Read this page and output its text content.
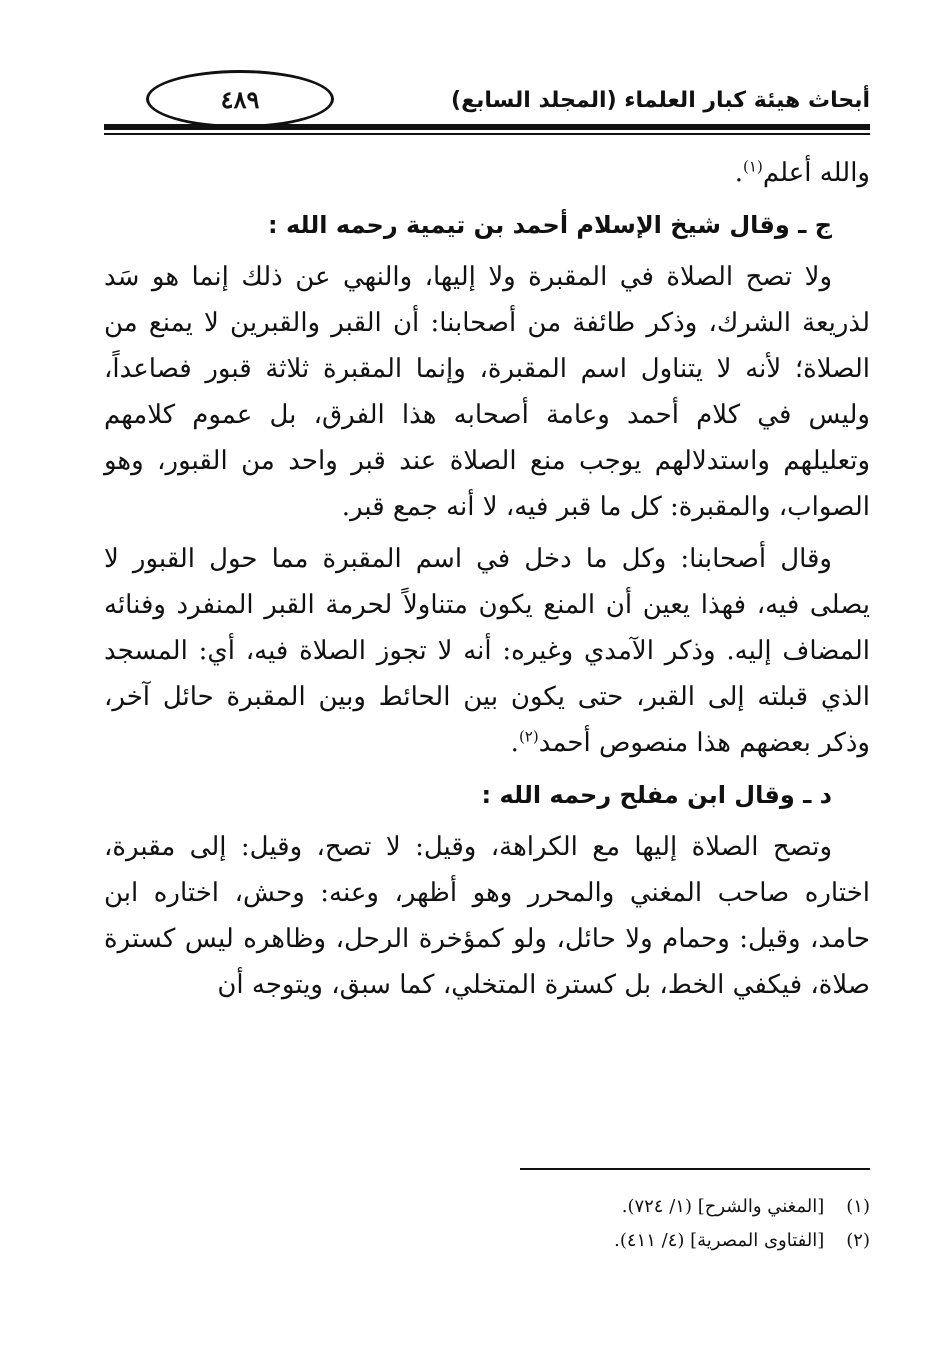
أبحاث هيئة كبار العلماء (المجلد السابع)
٤٨٩

والله أعلم$^{(١)}$.

ج ـ وقال شيخ الإسلام أحمد بن تيمية رحمه الله :

ولا تصح الصلاة في المقبرة ولا إليها، والنهي عن ذلك إنما هو سَد لذريعة الشرك، وذكر طائفة من أصحابنا: أن القبر والقبرين لا يمنع من الصلاة؛ لأنه لا يتناول اسم المقبرة، وإنما المقبرة ثلاثة قبور فصاعداً، وليس في كلام أحمد وعامة أصحابه هذا الفرق، بل عموم كلامهم وتعليلهم واستدلالهم يوجب منع الصلاة عند قبر واحد من القبور، وهو الصواب، والمقبرة: كل ما قبر فيه، لا أنه جمع قبر.

وقال أصحابنا: وكل ما دخل في اسم المقبرة مما حول القبور لا يصلى فيه، فهذا يعين أن المنع يكون متناولاً لحرمة القبر المنفرد وفنائه المضاف إليه. وذكر الآمدي وغيره: أنه لا تجوز الصلاة فيه، أي: المسجد الذي قبلته إلى القبر، حتى يكون بين الحائط وبين المقبرة حائل آخر، وذكر بعضهم هذا منصوص أحمد$^{(٢)}$.

د ـ وقال ابن مفلح رحمه الله :

وتصح الصلاة إليها مع الكراهة، وقيل: لا تصح، وقيل: إلى مقبرة، اختاره صاحب المغني والمحرر وهو أظهر، وعنه: وحش، اختاره ابن حامد، وقيل: وحمام ولا حائل، ولو كمؤخرة الرحل، وظاهره ليس كسترة صلاة، فيكفي الخط، بل كسترة المتخلي، كما سبق، ويتوجه أن

(١) [المغني والشرح] (١/ ٧٢٤).

(٢) [الفتاوى المصرية] (٤/ ٤١١).
